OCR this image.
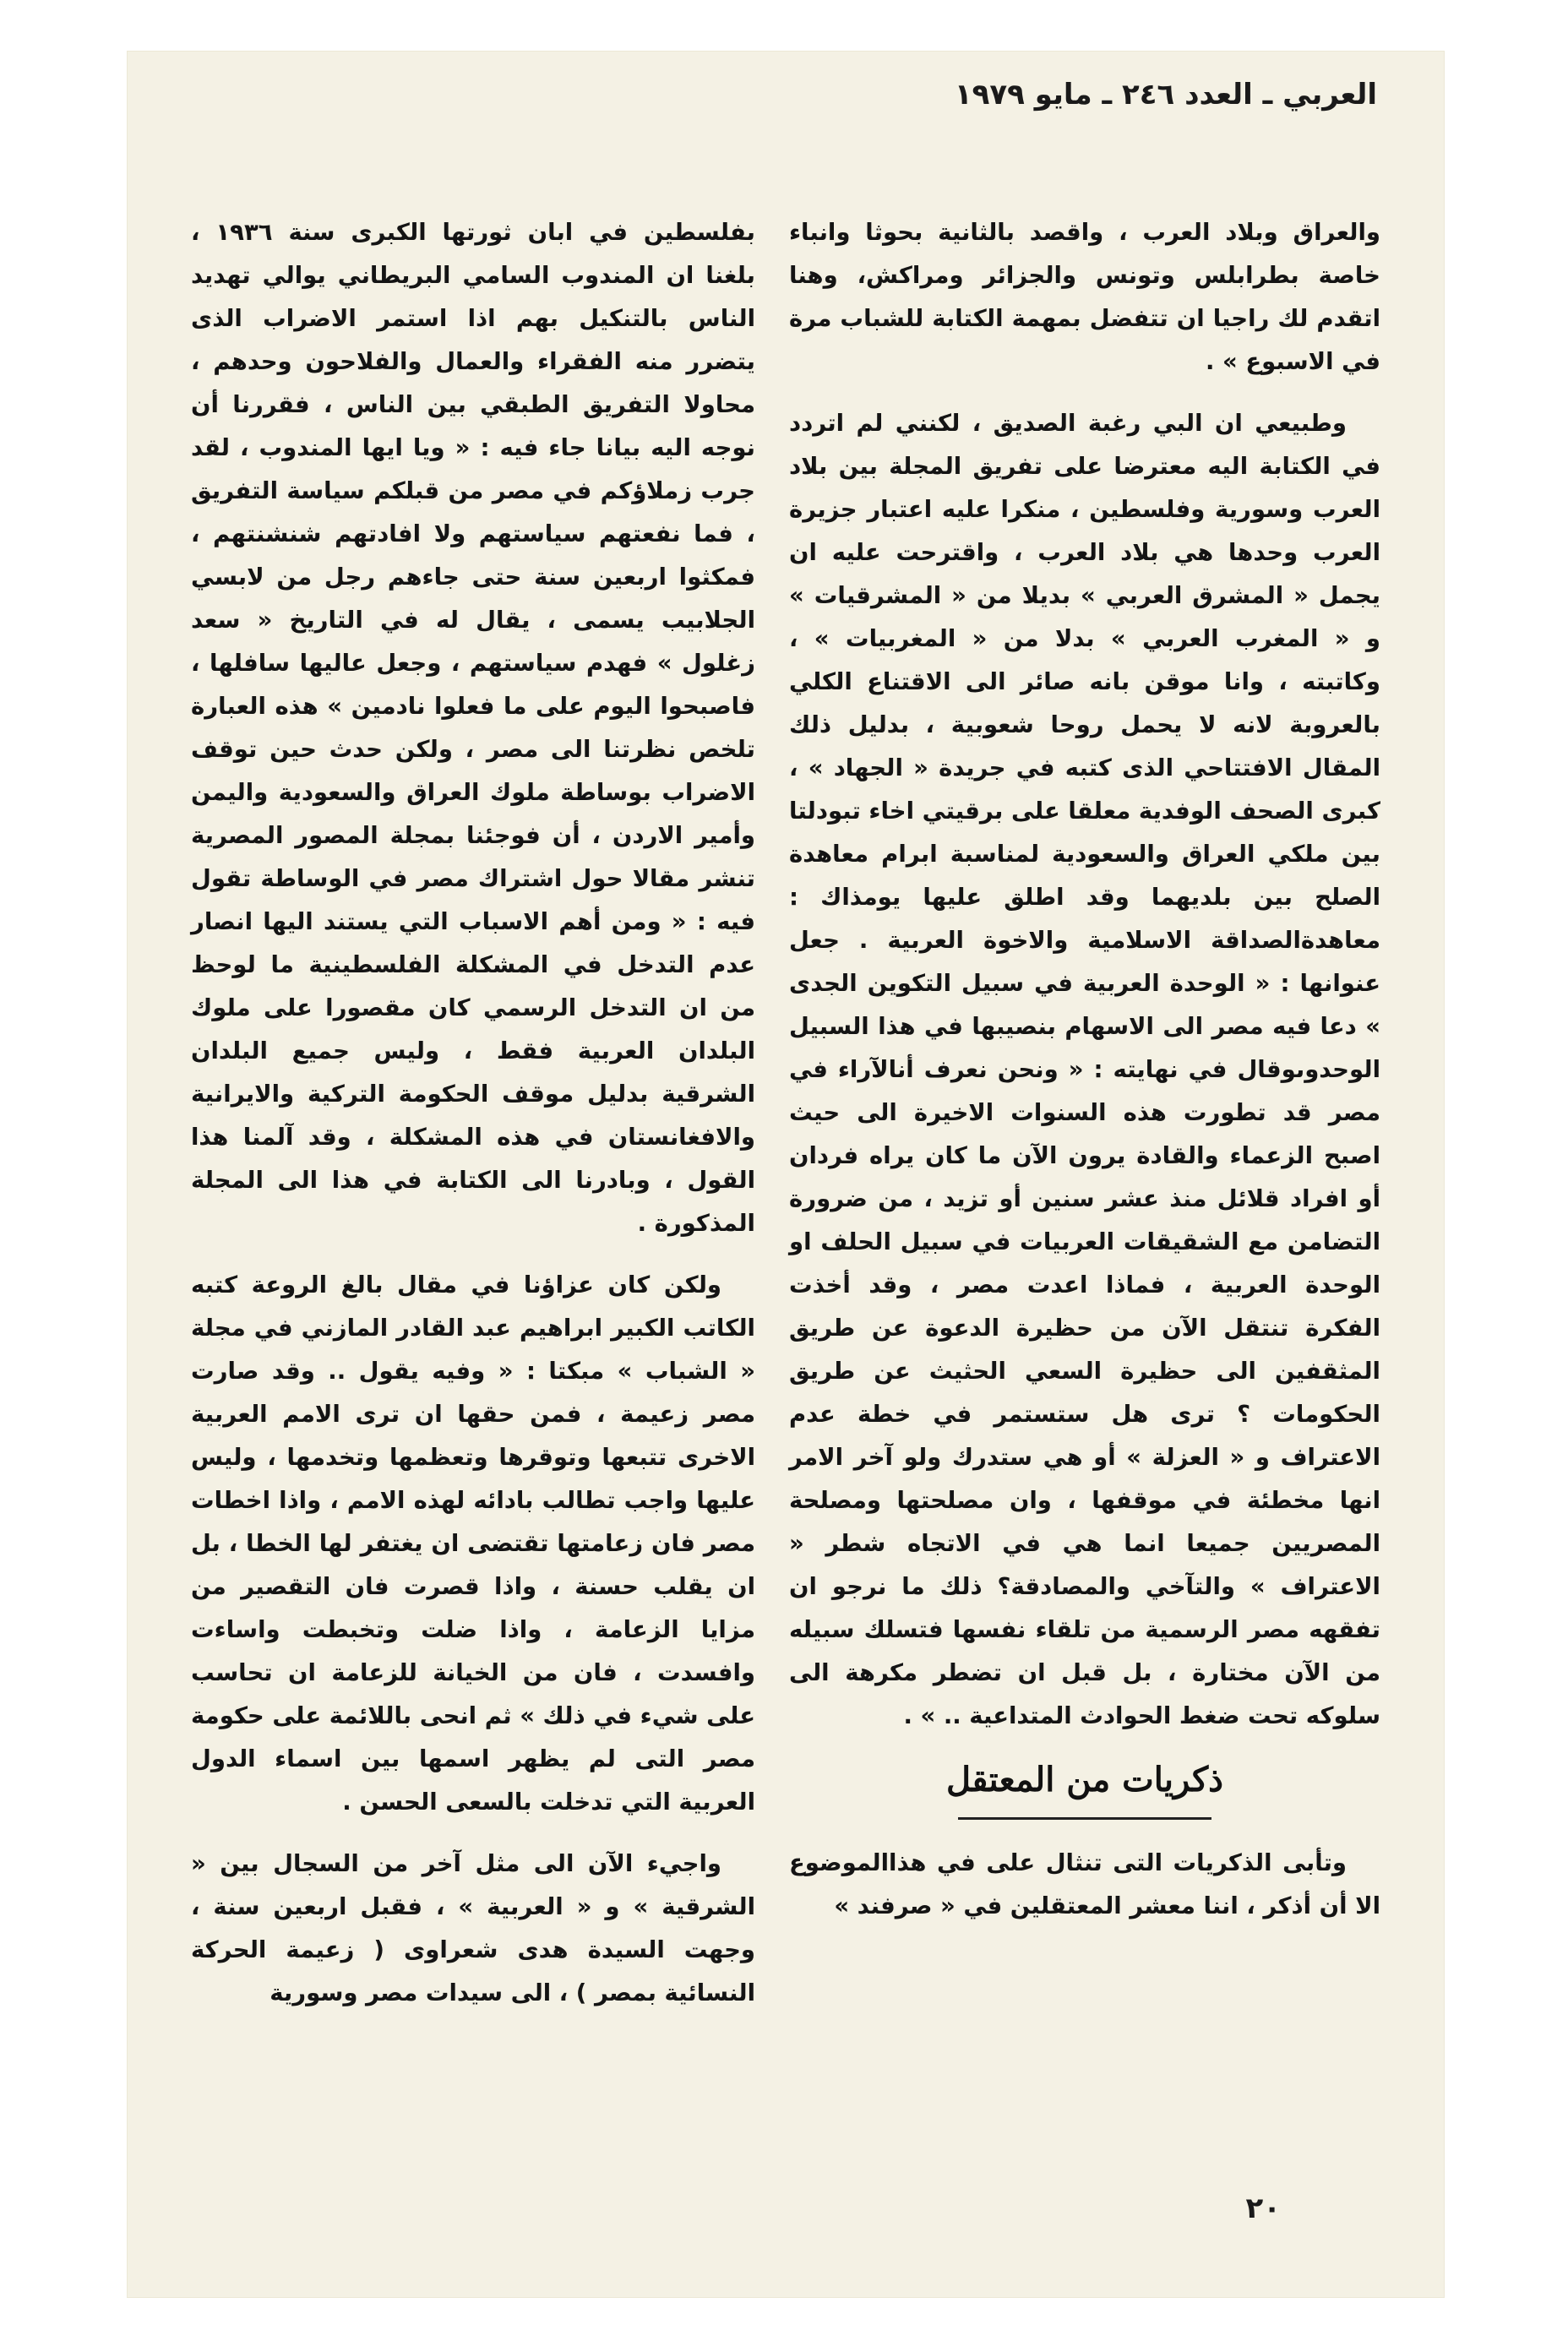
العربي ـ العدد ٢٤٦ ـ مايو ١٩٧٩

والعراق وبلاد العرب ، واقصد بالثانية بحوثا وانباء خاصة بطرابلس وتونس والجزائر ومراكش، وهنا اتقدم لك راجيا ان تتفضل بمهمة الكتابة للشباب مرة في الاسبوع » .

وطبيعي ان البي رغبة الصديق ، لكنني لم اتردد في الكتابة اليه معترضا على تفريق المجلة بين بلاد العرب وسورية وفلسطين ، منكرا عليه اعتبار جزيرة العرب وحدها هي بلاد العرب ، واقترحت عليه ان يجمل « المشرق العربي » بديلا من « المشرقيات » و « المغرب العربي » بدلا من « المغربيات » ، وكاتبته ، وانا موقن بانه صائر الى الاقتناع الكلي بالعروبة لانه لا يحمل روحا شعوبية ، بدليل ذلك المقال الافتتاحي الذى كتبه في جريدة « الجهاد » ، كبرى الصحف الوفدية معلقا على برقيتي اخاء تبودلتا بين ملكي العراق والسعودية لمناسبة ابرام معاهدة الصلح بين بلديهما وقد اطلق عليها يومذاك : معاهدةالصداقة الاسلامية والاخوة العربية . جعل عنوانها : « الوحدة العربية في سبيل التكوين الجدى » دعا فيه مصر الى الاسهام بنصيبها في هذا السبيل الوحدوىوقال في نهايته : « ونحن نعرف أنالآراء في مصر قد تطورت هذه السنوات الاخيرة الى حيث اصبح الزعماء والقادة يرون الآن ما كان يراه فردان أو افراد قلائل منذ عشر سنين أو تزيد ، من ضرورة التضامن مع الشقيقات العربيات في سبيل الحلف او الوحدة العربية ، فماذا اعدت مصر ، وقد أخذت الفكرة تنتقل الآن من حظيرة الدعوة عن طريق المثقفين الى حظيرة السعي الحثيث عن طريق الحكومات ؟ ترى هل ستستمر في خطة عدم الاعتراف و « العزلة » أو هي ستدرك ولو آخر الامر انها مخطئة في موقفها ، وان مصلحتها ومصلحة المصريين جميعا انما هي في الاتجاه شطر « الاعتراف » والتآخي والمصادقة؟ ذلك ما نرجو ان تفقهه مصر الرسمية من تلقاء نفسها فتسلك سبيله من الآن مختارة ، بل قبل ان تضطر مكرهة الى سلوكه تحت ضغط الحوادث المتداعية .. » .

ذكريات من المعتقل

وتأبى الذكريات التى تنثال على في هذاالموضوع الا أن أذكر ، اننا معشر المعتقلين في « صرفند »

بفلسطين في ابان ثورتها الكبرى سنة ١٩٣٦ ، بلغنا ان المندوب السامي البريطاني يوالي تهديد الناس بالتنكيل بهم اذا استمر الاضراب الذى يتضرر منه الفقراء والعمال والفلاحون وحدهم ، محاولا التفريق الطبقي بين الناس ، فقررنا أن نوجه اليه بيانا جاء فيه : « ويا ايها المندوب ، لقد جرب زملاؤكم في مصر من قبلكم سياسة التفريق ، فما نفعتهم سياستهم ولا افادتهم شنشنتهم ، فمكثوا اربعين سنة حتى جاءهم رجل من لابسي الجلابيب يسمى ، يقال له في التاريخ « سعد زغلول » فهدم سياستهم ، وجعل عاليها سافلها ، فاصبحوا اليوم على ما فعلوا نادمين » هذه العبارة تلخص نظرتنا الى مصر ، ولكن حدث حين توقف الاضراب بوساطة ملوك العراق والسعودية واليمن وأمير الاردن ، أن فوجئنا بمجلة المصور المصرية تنشر مقالا حول اشتراك مصر في الوساطة تقول فيه : « ومن أهم الاسباب التي يستند اليها انصار عدم التدخل في المشكلة الفلسطينية ما لوحظ من ان التدخل الرسمي كان مقصورا على ملوك البلدان العربية فقط ، وليس جميع البلدان الشرقية بدليل موقف الحكومة التركية والايرانية والافغانستان في هذه المشكلة ، وقد آلمنا هذا القول ، وبادرنا الى الكتابة في هذا الى المجلة المذكورة .

ولكن كان عزاؤنا في مقال بالغ الروعة كتبه الكاتب الكبير ابراهيم عبد القادر المازني في مجلة « الشباب » مبكتا : « وفيه يقول .. وقد صارت مصر زعيمة ، فمن حقها ان ترى الامم العربية الاخرى تتبعها وتوقرها وتعظمها وتخدمها ، وليس عليها واجب تطالب بادائه لهذه الامم ، واذا اخطات مصر فان زعامتها تقتضى ان يغتفر لها الخطا ، بل ان يقلب حسنة ، واذا قصرت فان التقصير من مزايا الزعامة ، واذا ضلت وتخبطت واساءت وافسدت ، فان من الخيانة للزعامة ان تحاسب على شيء في ذلك » ثم انحى باللائمة على حكومة مصر التى لم يظهر اسمها بين اسماء الدول العربية التي تدخلت بالسعى الحسن .

واجيء الآن الى مثل آخر من السجال بين « الشرقية » و « العربية » ، فقبل اربعين سنة ، وجهت السيدة هدى شعراوى ( زعيمة الحركة النسائية بمصر ) ، الى سيدات مصر وسورية

٢٠
